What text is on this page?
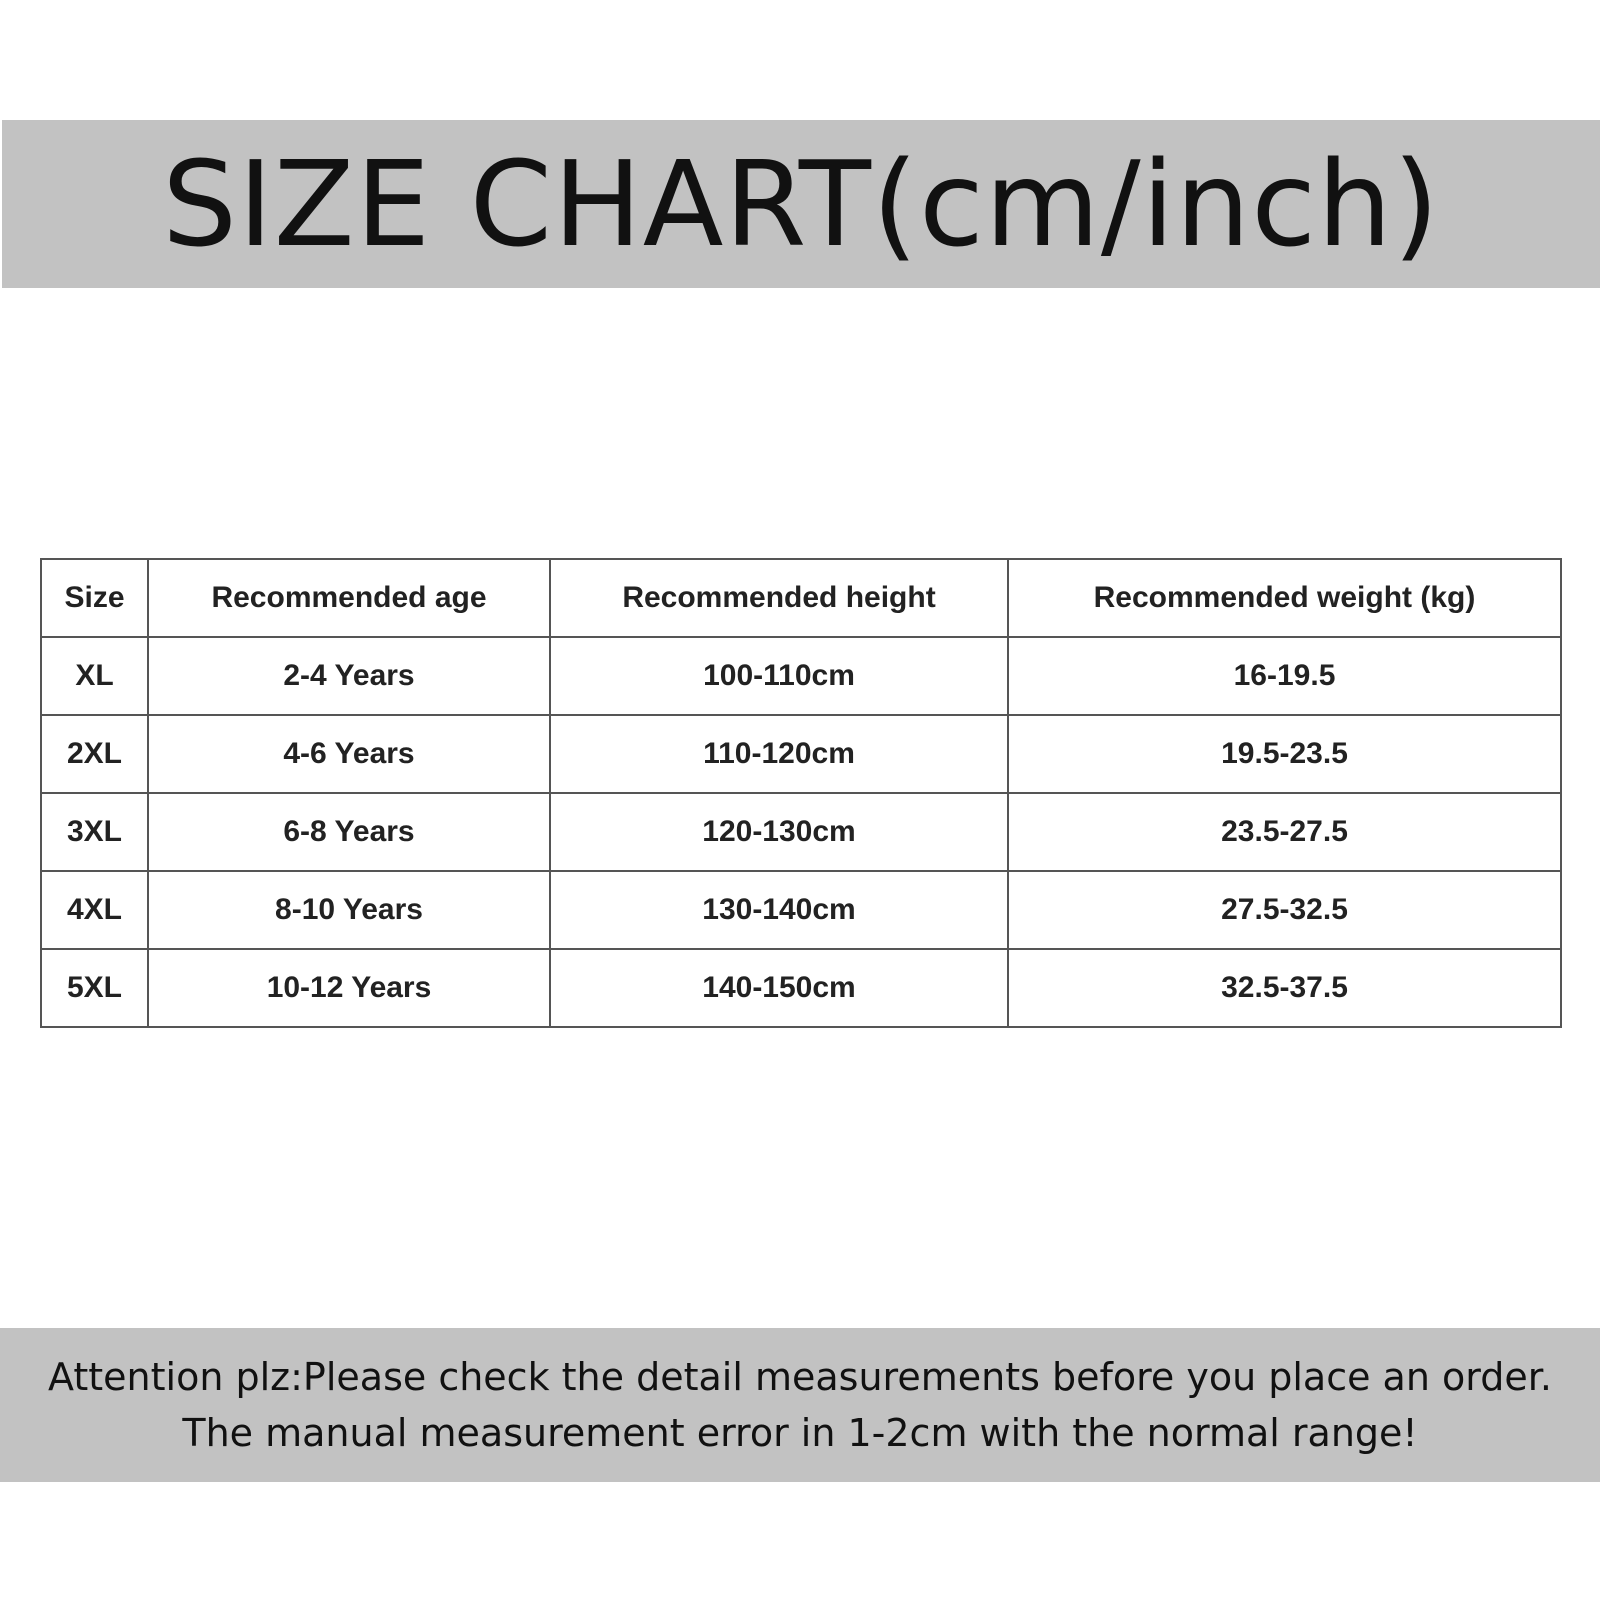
SIZE CHART(cm/inch)
Size	Recommended age	Recommended height	Recommended weight (kg)
XL	2-4 Years	100-110cm	16-19.5
2XL	4-6 Years	110-120cm	19.5-23.5
3XL	6-8 Years	120-130cm	23.5-27.5
4XL	8-10 Years	130-140cm	27.5-32.5
5XL	10-12 Years	140-150cm	32.5-37.5
Attention plz:Please check the detail measurements before you place an order.
The manual measurement error in 1-2cm with the normal range!
